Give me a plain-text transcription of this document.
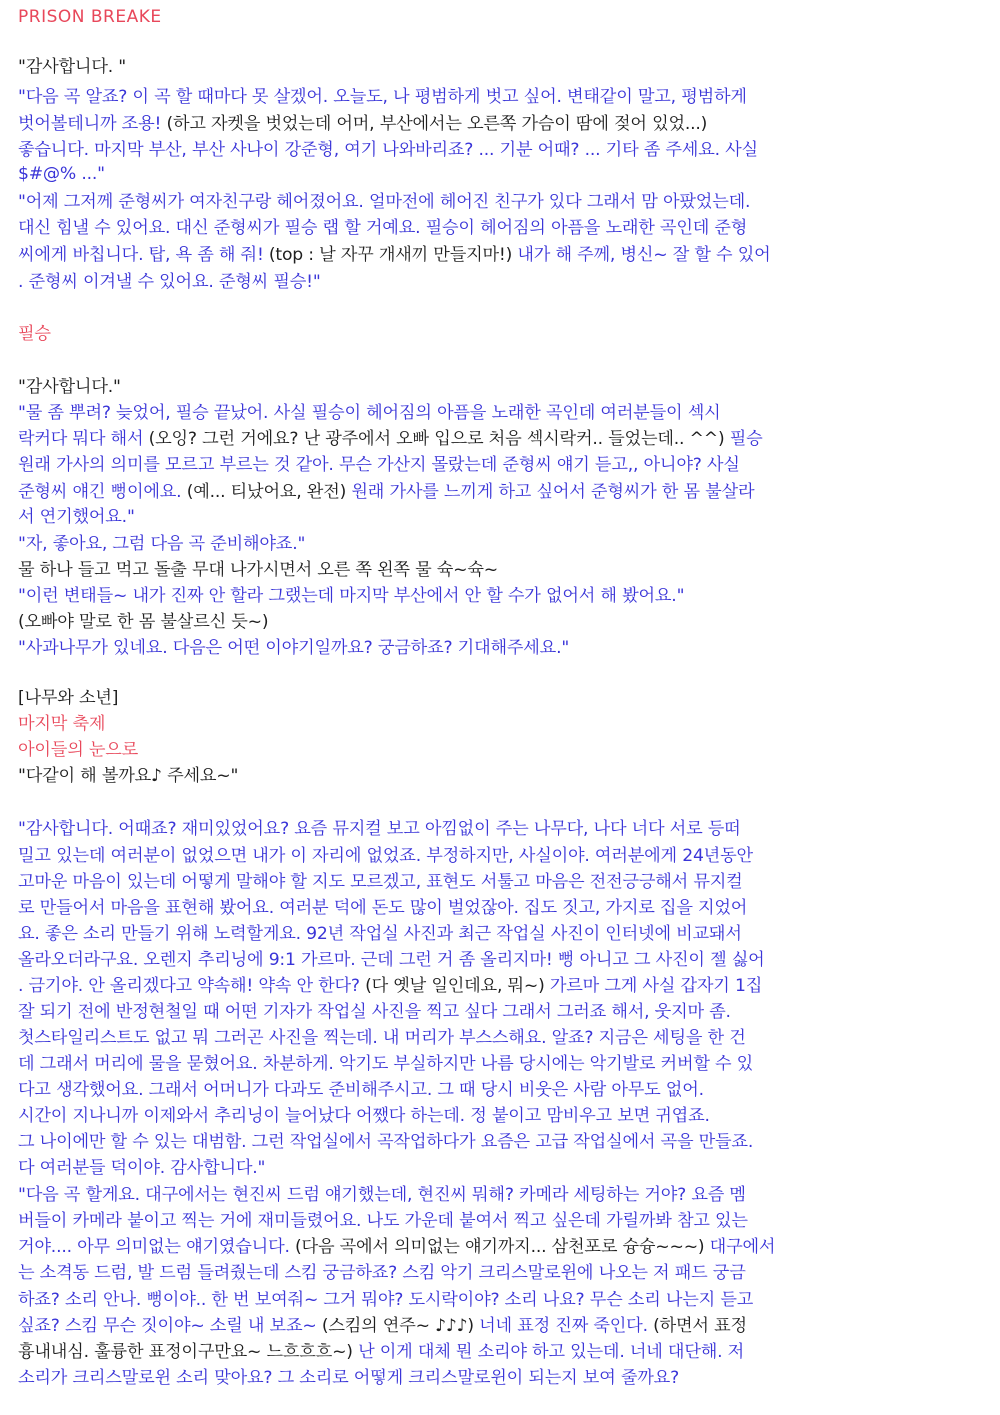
PRISON BREAKE
"감사합니다. "
"다음 곡 알죠? 이 곡 할 때마다 못 살겠어. 오늘도, 나 평범하게 벗고 싶어. 변태같이 말고, 평범하게
벗어볼테니까 조용! (하고 자켓을 벗었는데 어머, 부산에서는 오른쪽 가슴이 땀에 젖어 있었...)
좋습니다. 마지막 부산, 부산 사나이 강준형, 여기 나와바리죠? ... 기분 어때? ... 기타 좀 주세요. 사실
$#@% ..."
"어제 그저께 준형씨가 여자친구랑 헤어졌어요. 얼마전에 헤어진 친구가 있다 그래서 맘 아팠었는데.
대신 힘낼 수 있어요. 대신 준형씨가 필승 랩 할 거예요. 필승이 헤어짐의 아픔을 노래한 곡인데 준형
씨에게 바칩니다. 탑, 욕 좀 해 줘! (top : 날 자꾸 개새끼 만들지마!) 내가 해 주께, 병신~ 잘 할 수 있어
. 준형씨 이겨낼 수 있어요. 준형씨 필승!"
필승
"감사합니다."
"물 좀 뿌려? 늦었어, 필승 끝났어. 사실 필승이 헤어짐의 아픔을 노래한 곡인데 여러분들이 섹시
락커다 뭐다 해서 (오잉? 그런 거에요? 난 광주에서 오빠 입으로 처음 섹시락커.. 들었는데.. ^^) 필승
원래 가사의 의미를 모르고 부르는 것 같아. 무슨 가산지 몰랐는데 준형씨 얘기 듣고,, 아니야? 사실
준형씨 얘긴 뻥이에요. (예... 티났어요, 완전) 원래 가사를 느끼게 하고 싶어서 준형씨가 한 몸 불살라
서 연기했어요."
"자, 좋아요, 그럼 다음 곡 준비해야죠."
물 하나 들고 먹고 돌출 무대 나가시면서 오른 쪽 왼쪽 물 슉~슉~
"이런 변태들~ 내가 진짜 안 할라 그랬는데 마지막 부산에서 안 할 수가 없어서 해 봤어요."
(오빠야 말로 한 몸 불살르신 듯~)
"사과나무가 있네요. 다음은 어떤 이야기일까요? 궁금하죠? 기대해주세요."
[나무와 소년]
마지막 축제
아이들의 눈으로
"다같이 해 볼까요♪ 주세요~"
"감사합니다. 어때죠? 재미있었어요? 요즘 뮤지컬 보고 아낌없이 주는 나무다, 나다 너다 서로 등떠
밀고 있는데 여러분이 없었으면 내가 이 자리에 없었죠. 부정하지만, 사실이야. 여러분에게 24년동안
고마운 마음이 있는데 어떻게 말해야 할 지도 모르겠고, 표현도 서툴고 마음은 전전긍긍해서 뮤지컬
로 만들어서 마음을 표현해 봤어요. 여러분 덕에 돈도 많이 벌었잖아. 집도 짓고, 가지로 집을 지었어
요. 좋은 소리 만들기 위해 노력할게요. 92년 작업실 사진과 최근 작업실 사진이 인터넷에 비교돼서
올라오더라구요. 오렌지 추리닝에 9:1 가르마. 근데 그런 거 좀 올리지마! 뻥 아니고 그 사진이 젤 싫어
. 금기야. 안 올리겠다고 약속해! 약속 안 한다? (다 옛날 일인데요, 뭐~) 가르마 그게 사실 갑자기 1집
잘 되기 전에 반정현철일 때 어떤 기자가 작업실 사진을 찍고 싶다 그래서 그러죠 해서, 웃지마 좀.
첫스타일리스트도 없고 뭐 그러곤 사진을 찍는데. 내 머리가 부스스해요. 알죠? 지금은 세팅을 한 건
데 그래서 머리에 물을 묻혔어요. 차분하게. 악기도 부실하지만 나름 당시에는 악기발로 커버할 수 있
다고 생각했어요. 그래서 어머니가 다과도 준비해주시고. 그 때 당시 비웃은 사람 아무도 없어.
시간이 지나니까 이제와서 추리닝이 늘어났다 어쨌다 하는데. 정 붙이고 맘비우고 보면 귀엽죠.
그 나이에만 할 수 있는 대범함. 그런 작업실에서 곡작업하다가 요즘은 고급 작업실에서 곡을 만들죠.
다 여러분들 덕이야. 감사합니다."
"다음 곡 할게요. 대구에서는 현진씨 드럼 얘기했는데, 현진씨 뭐해? 카메라 세팅하는 거야? 요즘 멤
버들이 카메라 붙이고 찍는 거에 재미들렸어요. 나도 가운데 붙여서 찍고 싶은데 가릴까봐 참고 있는
거야.... 아무 의미없는 얘기였습니다. (다음 곡에서 의미없는 얘기까지... 삼천포로 슝슝~~~) 대구에서
는 소격동 드럼, 발 드럼 들려줬는데 스킴 궁금하죠? 스킴 악기 크리스말로윈에 나오는 저 패드 궁금
하죠? 소리 안나. 뻥이야.. 한 번 보여줘~ 그거 뭐야? 도시락이야? 소리 나요? 무슨 소리 나는지 듣고
싶죠? 스킴 무슨 짓이야~ 소릴 내 보죠~ (스킴의 연주~ ♪♪♪) 너네 표정 진짜 죽인다. (하면서 표정
흉내내심. 훌륭한 표정이구만요~ 느흐흐흐~) 난 이게 대체 뭔 소리야 하고 있는데. 너네 대단해. 저
소리가 크리스말로윈 소리 맞아요? 그 소리로 어떻게 크리스말로윈이 되는지 보여 줄까요?
